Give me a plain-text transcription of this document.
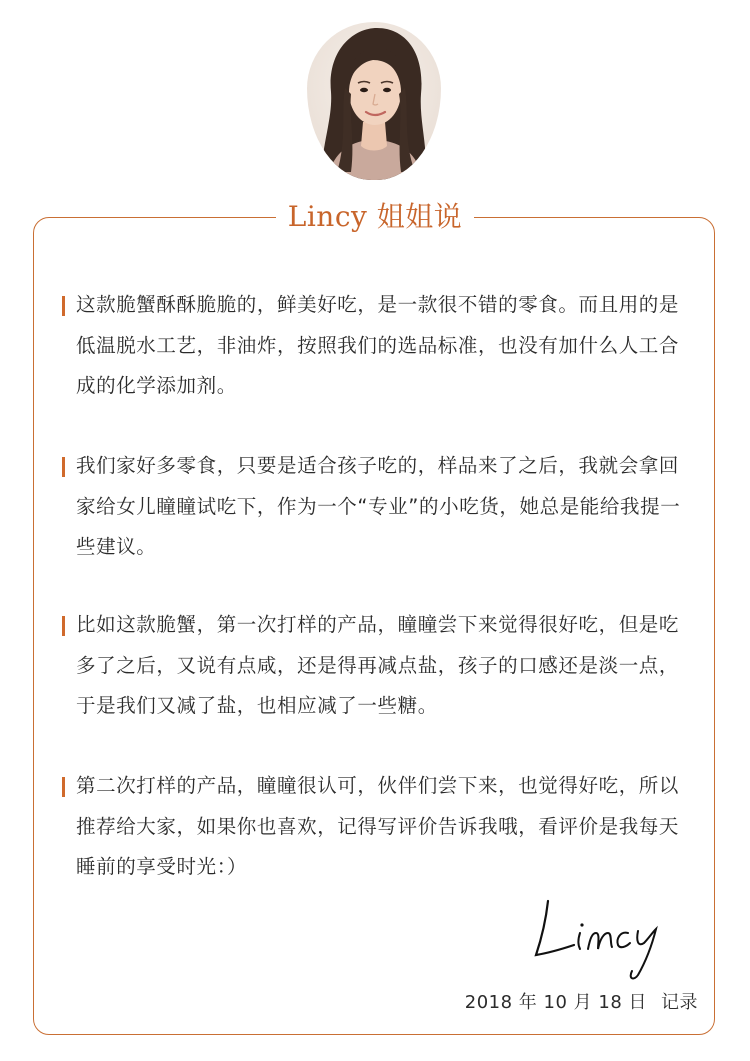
Lincy 姐姐说
这款脆蟹酥酥脆脆的，鲜美好吃，是一款很不错的零食。而且用的是低温脱水工艺，非油炸，按照我们的选品标准，也没有加什么人工合成的化学添加剂。
我们家好多零食，只要是适合孩子吃的，样品来了之后，我就会拿回家给女儿瞳瞳试吃下，作为一个“专业”的小吃货，她总是能给我提一些建议。
比如这款脆蟹，第一次打样的产品，瞳瞳尝下来觉得很好吃，但是吃多了之后，又说有点咸，还是得再减点盐，孩子的口感还是淡一点，于是我们又减了盐，也相应减了一些糖。
第二次打样的产品，瞳瞳很认可，伙伴们尝下来，也觉得好吃，所以推荐给大家，如果你也喜欢，记得写评价告诉我哦，看评价是我每天睡前的享受时光：）
2018 年 10 月 18 日 记录
